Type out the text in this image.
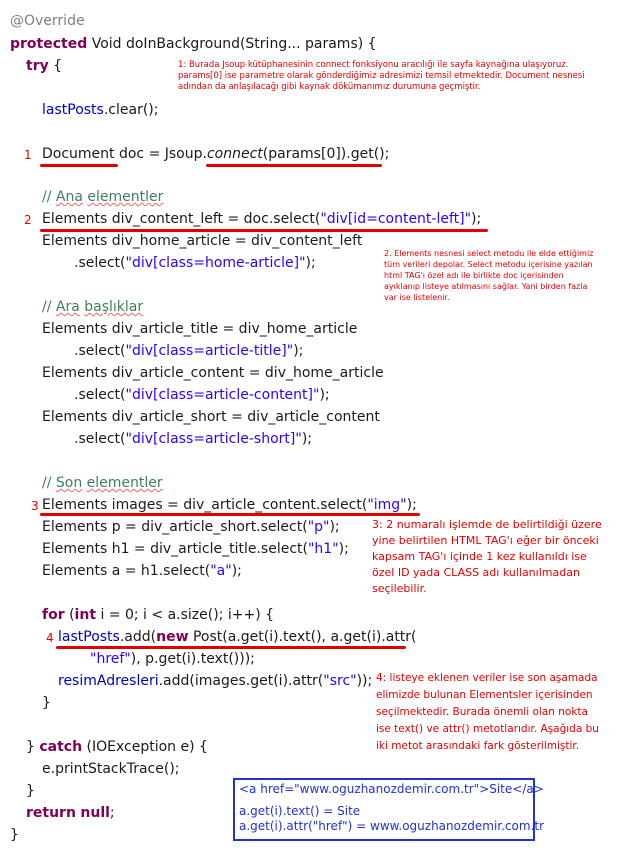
@Override
protected Void doInBackground(String... params) {
try {
lastPosts.clear();
Document doc = Jsoup.connect(params[0]).get();
// Ana elementler
Elements div_content_left = doc.select("div[id=content-left]");
Elements div_home_article = div_content_left
.select("div[class=home-article]");
// Ara başlıklar
Elements div_article_title = div_home_article
.select("div[class=article-title]");
Elements div_article_content = div_home_article
.select("div[class=article-content]");
Elements div_article_short = div_article_content
.select("div[class=article-short]");
// Son elementler
Elements images = div_article_content.select("img");
Elements p = div_article_short.select("p");
Elements h1 = div_article_title.select("h1");
Elements a = h1.select("a");
for (int i = 0; i < a.size(); i++) {
lastPosts.add(new Post(a.get(i).text(), a.get(i).attr(
"href"), p.get(i).text()));
resimAdresleri.add(images.get(i).attr("src"));
}
} catch (IOException e) {
e.printStackTrace();
}
return null;
}
1
2
3
4
1: Burada Jsoup kütüphanesinin connect fonksiyonu aracılığı ile sayfa kaynağına ulaşıyoruz.
params[0] ise parametre olarak gönderdiğimiz adresimizi temsil etmektedir. Document nesnesi
adından da anlaşılacağı gibi kaynak dökümanımız durumuna geçmiştir.
2. Elements nesnesi select metodu ile elde ettiğimiz
tüm verileri depolar. Select metodu içerisine yazılan
html TAG'ı özel adı ile birlikte doc içerisinden
ayıklanıp listeye atılmasını sağlar. Yani birden fazla
var ise listelenir.
3: 2 numaralı işlemde de belirtildiği üzere
yine belirtilen HTML TAG'ı eğer bir önceki
kapsam TAG'ı içinde 1 kez kullanıldı ise
özel ID yada CLASS adı kullanılmadan
seçilebilir.
4: listeye eklenen veriler ise son aşamada
elimizde bulunan Elementsler içerisinden
seçilmektedir. Burada önemli olan nokta
ise text() ve attr() metotlarıdır. Aşağıda bu
iki metot arasındaki fark gösterilmiştir.
<a href="www.oguzhanozdemir.com.tr">Site</a>
a.get(i).text() = Site
a.get(i).attr("href") = www.oguzhanozdemir.com.tr
